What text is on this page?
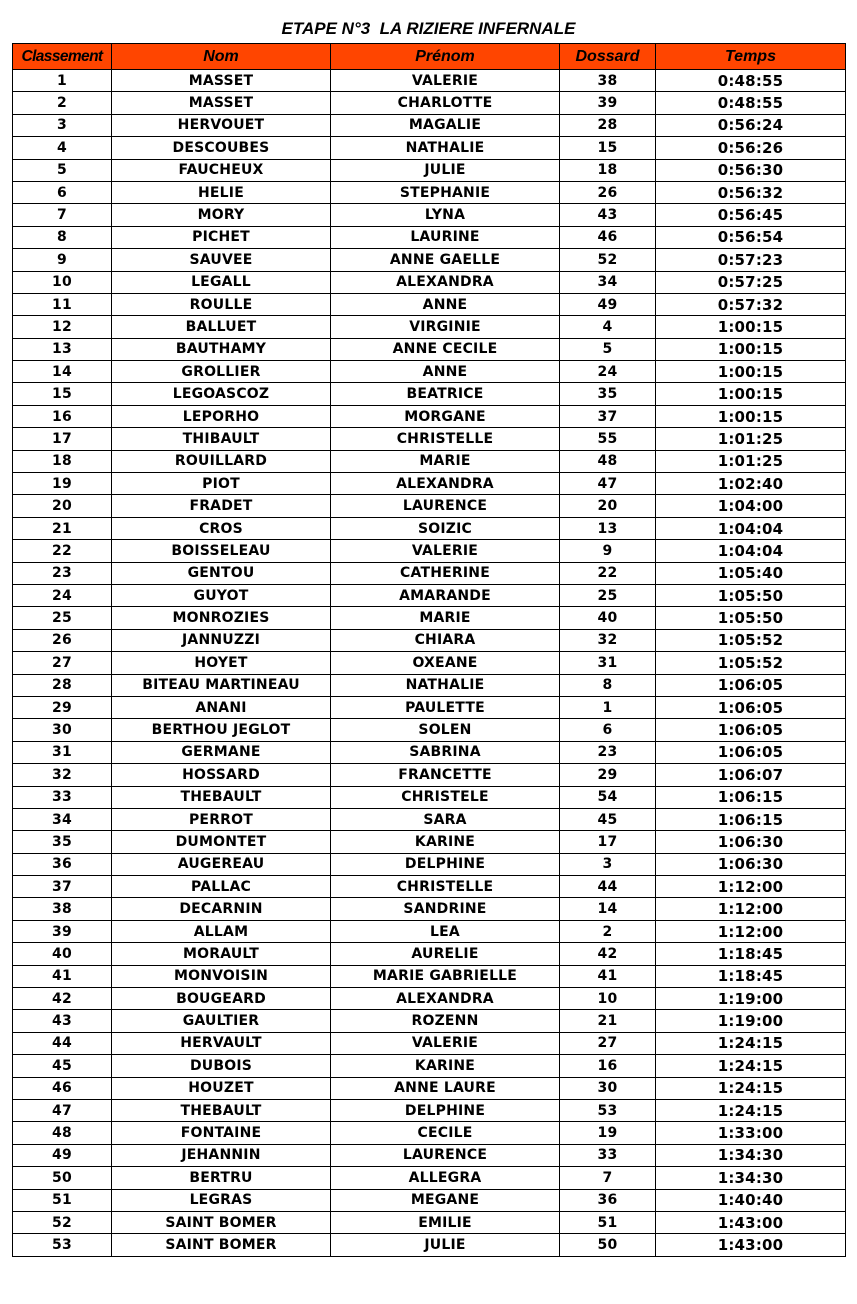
ETAPE N°3  LA RIZIERE INFERNALE
Classement	Nom	Prénom	Dossard	Temps
1	MASSET	VALERIE	38	0:48:55
2	MASSET	CHARLOTTE	39	0:48:55
3	HERVOUET	MAGALIE	28	0:56:24
4	DESCOUBES	NATHALIE	15	0:56:26
5	FAUCHEUX	JULIE	18	0:56:30
6	HELIE	STEPHANIE	26	0:56:32
7	MORY	LYNA	43	0:56:45
8	PICHET	LAURINE	46	0:56:54
9	SAUVEE	ANNE GAELLE	52	0:57:23
10	LEGALL	ALEXANDRA	34	0:57:25
11	ROULLE	ANNE	49	0:57:32
12	BALLUET	VIRGINIE	4	1:00:15
13	BAUTHAMY	ANNE CECILE	5	1:00:15
14	GROLLIER	ANNE	24	1:00:15
15	LEGOASCOZ	BEATRICE	35	1:00:15
16	LEPORHO	MORGANE	37	1:00:15
17	THIBAULT	CHRISTELLE	55	1:01:25
18	ROUILLARD	MARIE	48	1:01:25
19	PIOT	ALEXANDRA	47	1:02:40
20	FRADET	LAURENCE	20	1:04:00
21	CROS	SOIZIC	13	1:04:04
22	BOISSELEAU	VALERIE	9	1:04:04
23	GENTOU	CATHERINE	22	1:05:40
24	GUYOT	AMARANDE	25	1:05:50
25	MONROZIES	MARIE	40	1:05:50
26	JANNUZZI	CHIARA	32	1:05:52
27	HOYET	OXEANE	31	1:05:52
28	BITEAU MARTINEAU	NATHALIE	8	1:06:05
29	ANANI	PAULETTE	1	1:06:05
30	BERTHOU JEGLOT	SOLEN	6	1:06:05
31	GERMANE	SABRINA	23	1:06:05
32	HOSSARD	FRANCETTE	29	1:06:07
33	THEBAULT	CHRISTELE	54	1:06:15
34	PERROT	SARA	45	1:06:15
35	DUMONTET	KARINE	17	1:06:30
36	AUGEREAU	DELPHINE	3	1:06:30
37	PALLAC	CHRISTELLE	44	1:12:00
38	DECARNIN	SANDRINE	14	1:12:00
39	ALLAM	LEA	2	1:12:00
40	MORAULT	AURELIE	42	1:18:45
41	MONVOISIN	MARIE GABRIELLE	41	1:18:45
42	BOUGEARD	ALEXANDRA	10	1:19:00
43	GAULTIER	ROZENN	21	1:19:00
44	HERVAULT	VALERIE	27	1:24:15
45	DUBOIS	KARINE	16	1:24:15
46	HOUZET	ANNE LAURE	30	1:24:15
47	THEBAULT	DELPHINE	53	1:24:15
48	FONTAINE	CECILE	19	1:33:00
49	JEHANNIN	LAURENCE	33	1:34:30
50	BERTRU	ALLEGRA	7	1:34:30
51	LEGRAS	MEGANE	36	1:40:40
52	SAINT BOMER	EMILIE	51	1:43:00
53	SAINT BOMER	JULIE	50	1:43:00
